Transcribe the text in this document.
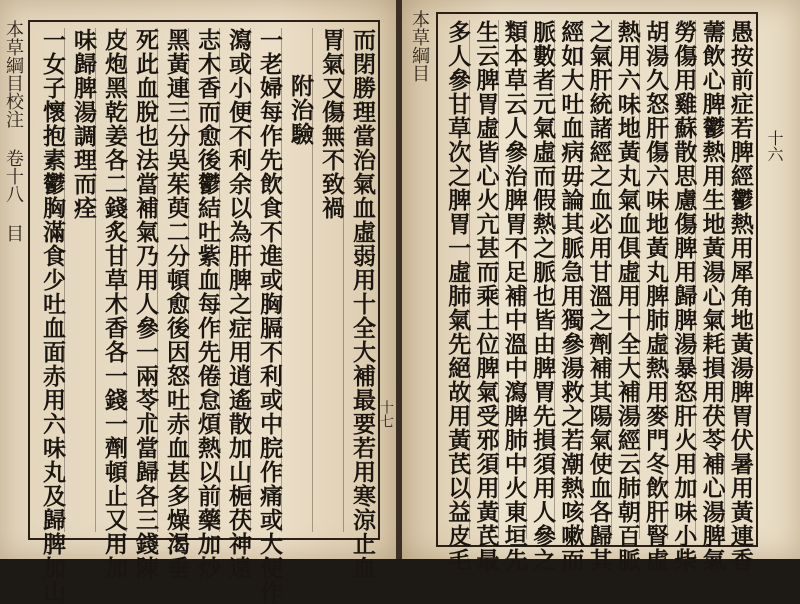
本草綱目校注 卷十八 目	而閉勝理當治氣血虛弱用十全大補最要若用寒涼止血
胃氣又傷無不致禍
附治驗
一老婦每作先飲食不進或胸膈不利或中脘作痛或大便作
瀉或小便不利余以為肝脾之症用逍遙散加山梔茯神遠
志木香而愈後鬱結吐紫血每作先倦怠煩熱以前藥加炒
黑黃連三分吳茱萸二分頓愈後因怒吐赤血甚多燥渴垂
死此血脫也法當補氣乃用人參一兩苓朮當歸各三錢陳
皮炮黑乾姜各二錢炙甘草木香各一錢一劑頓止又用加
味歸脾湯調理而痊
一女子懷抱素鬱胸滿食少吐血面赤用六味丸及歸脾加山	十七
本草綱目	愚按前症若脾經鬱熱用犀角地黃湯脾胃伏暑用黃連香
薷飲心脾鬱熱用生地黃湯心氣耗損用茯苓補心湯脾氣
勞傷用雞蘇散思慮傷脾用歸脾湯暴怒肝火用加味小柴
胡湯久怒肝傷六味地黃丸脾肺虛熱用麥門冬飲肝腎虛
熱用六味地黃丸氣血俱虛用十全大補湯經云肺朝百脈
之氣肝統諸經之血必用甘溫之劑補其陽氣使血各歸其
經如大吐血病毋論其脈急用獨參湯救之若潮熱咳嗽而
脈數者元氣虛而假熱之脈也皆由脾胃先損須用人參之
類本草云人參治脾胃不足補中溫中瀉脾肺中火東垣先
生云脾胃虛皆心火亢甚而乘土位脾氣受邪須用黃芪最
多人參甘草次之脾胃一虛肺氣先絕故用黃芪以益皮毛	十六
